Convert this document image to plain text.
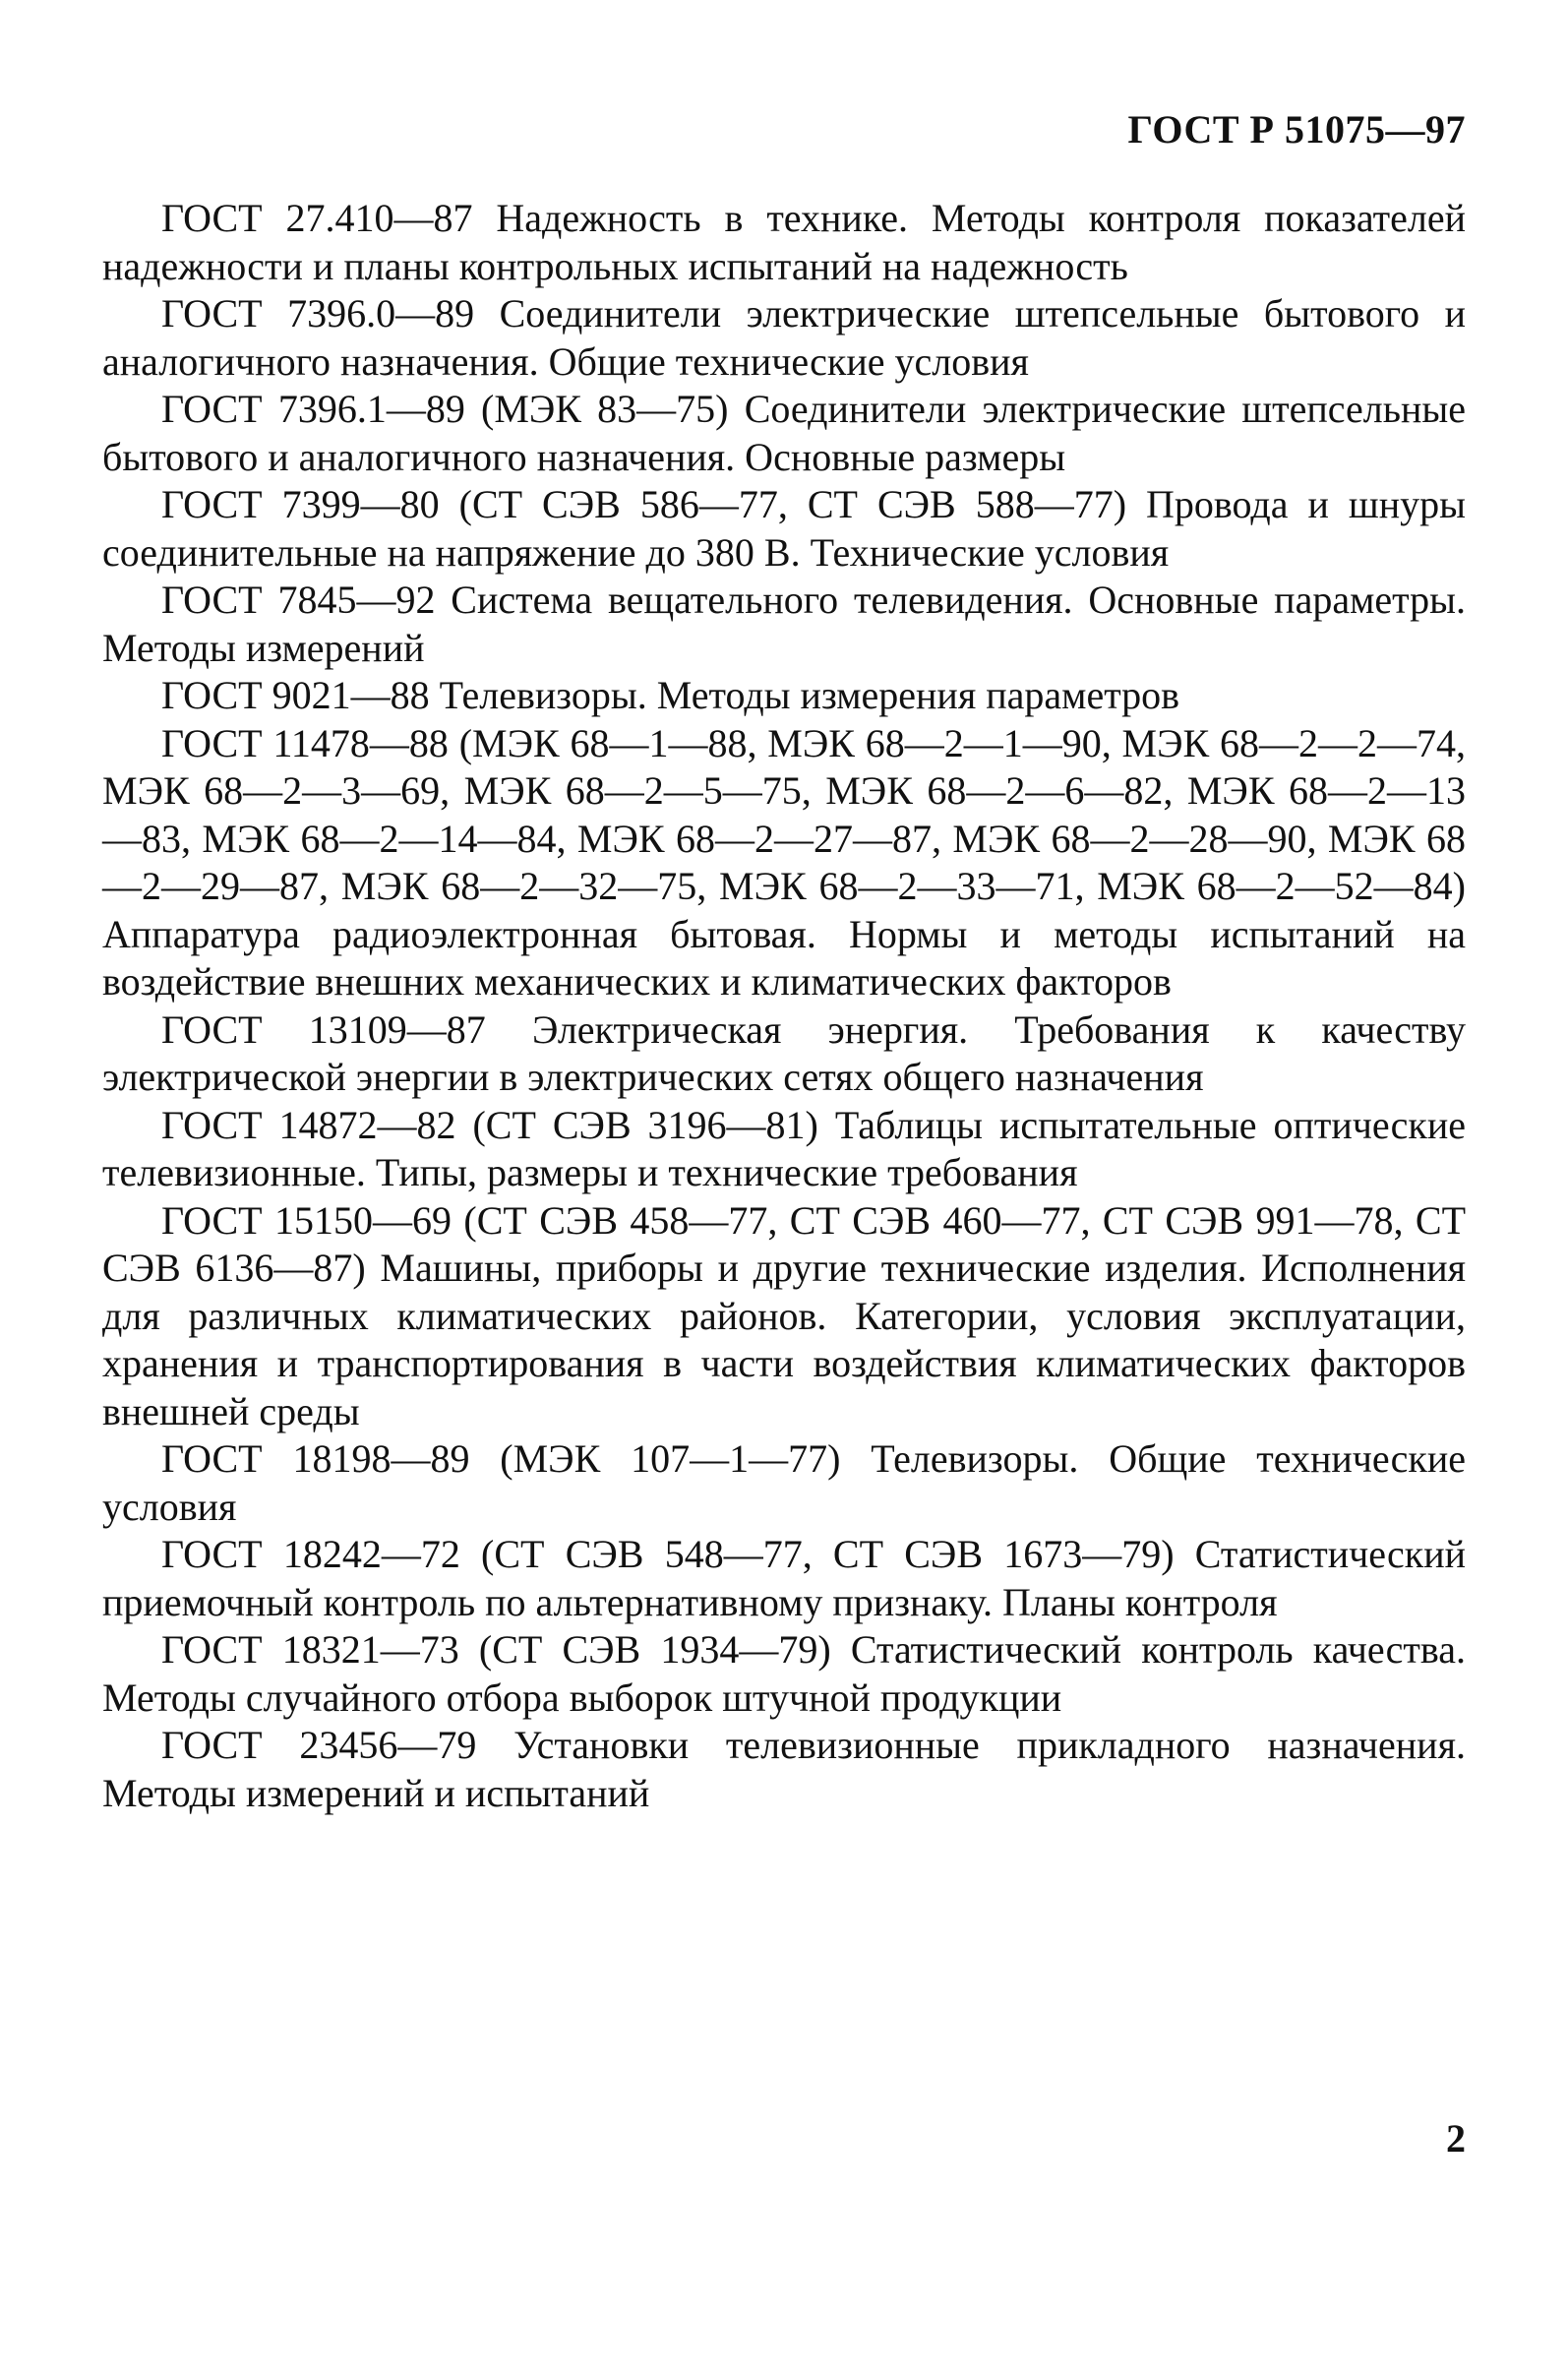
ГОСТ Р 51075—97

ГОСТ 27.410—87 Надежность в технике. Методы контроля показателей надежности и планы контрольных испытаний на надежность

ГОСТ 7396.0—89 Соединители электрические штепсельные бытового и аналогичного назначения. Общие технические условия

ГОСТ 7396.1—89 (МЭК 83—75) Соединители электрические штепсельные бытового и аналогичного назначения. Основные размеры

ГОСТ 7399—80 (СТ СЭВ 586—77, СТ СЭВ 588—77) Провода и шнуры соединительные на напряжение до 380 В. Технические условия

ГОСТ 7845—92 Система вещательного телевидения. Основные параметры. Методы измерений

ГОСТ 9021—88 Телевизоры. Методы измерения параметров

ГОСТ 11478—88 (МЭК 68—1—88, МЭК 68—2—1—90, МЭК 68—2—2—74, МЭК 68—2—3—69, МЭК 68—2—5—75, МЭК 68—2—6—82, МЭК 68—2—13—83, МЭК 68—2—14—84, МЭК 68—2—27—87, МЭК 68—2—28—90, МЭК 68—2—29—87, МЭК 68—2—32—75, МЭК 68—2—33—71, МЭК 68—2—52—84) Аппаратура радиоэлектронная бытовая. Нормы и методы испытаний на воздействие внешних механических и климатических факторов

ГОСТ 13109—87 Электрическая энергия. Требования к качеству электрической энергии в электрических сетях общего назначения

ГОСТ 14872—82 (СТ СЭВ 3196—81) Таблицы испытательные оптические телевизионные. Типы, размеры и технические требования

ГОСТ 15150—69 (СТ СЭВ 458—77, СТ СЭВ 460—77, СТ СЭВ 991—78, СТ СЭВ 6136—87) Машины, приборы и другие технические изделия. Исполнения для различных климатических районов. Категории, условия эксплуатации, хранения и транспортирования в части воздействия климатических факторов внешней среды

ГОСТ 18198—89 (МЭК 107—1—77) Телевизоры. Общие технические условия

ГОСТ 18242—72 (СТ СЭВ 548—77, СТ СЭВ 1673—79) Статистический приемочный контроль по альтернативному признаку. Планы контроля

ГОСТ 18321—73 (СТ СЭВ 1934—79) Статистический контроль качества. Методы случайного отбора выборок штучной продукции

ГОСТ 23456—79 Установки телевизионные прикладного назначения. Методы измерений и испытаний

2
